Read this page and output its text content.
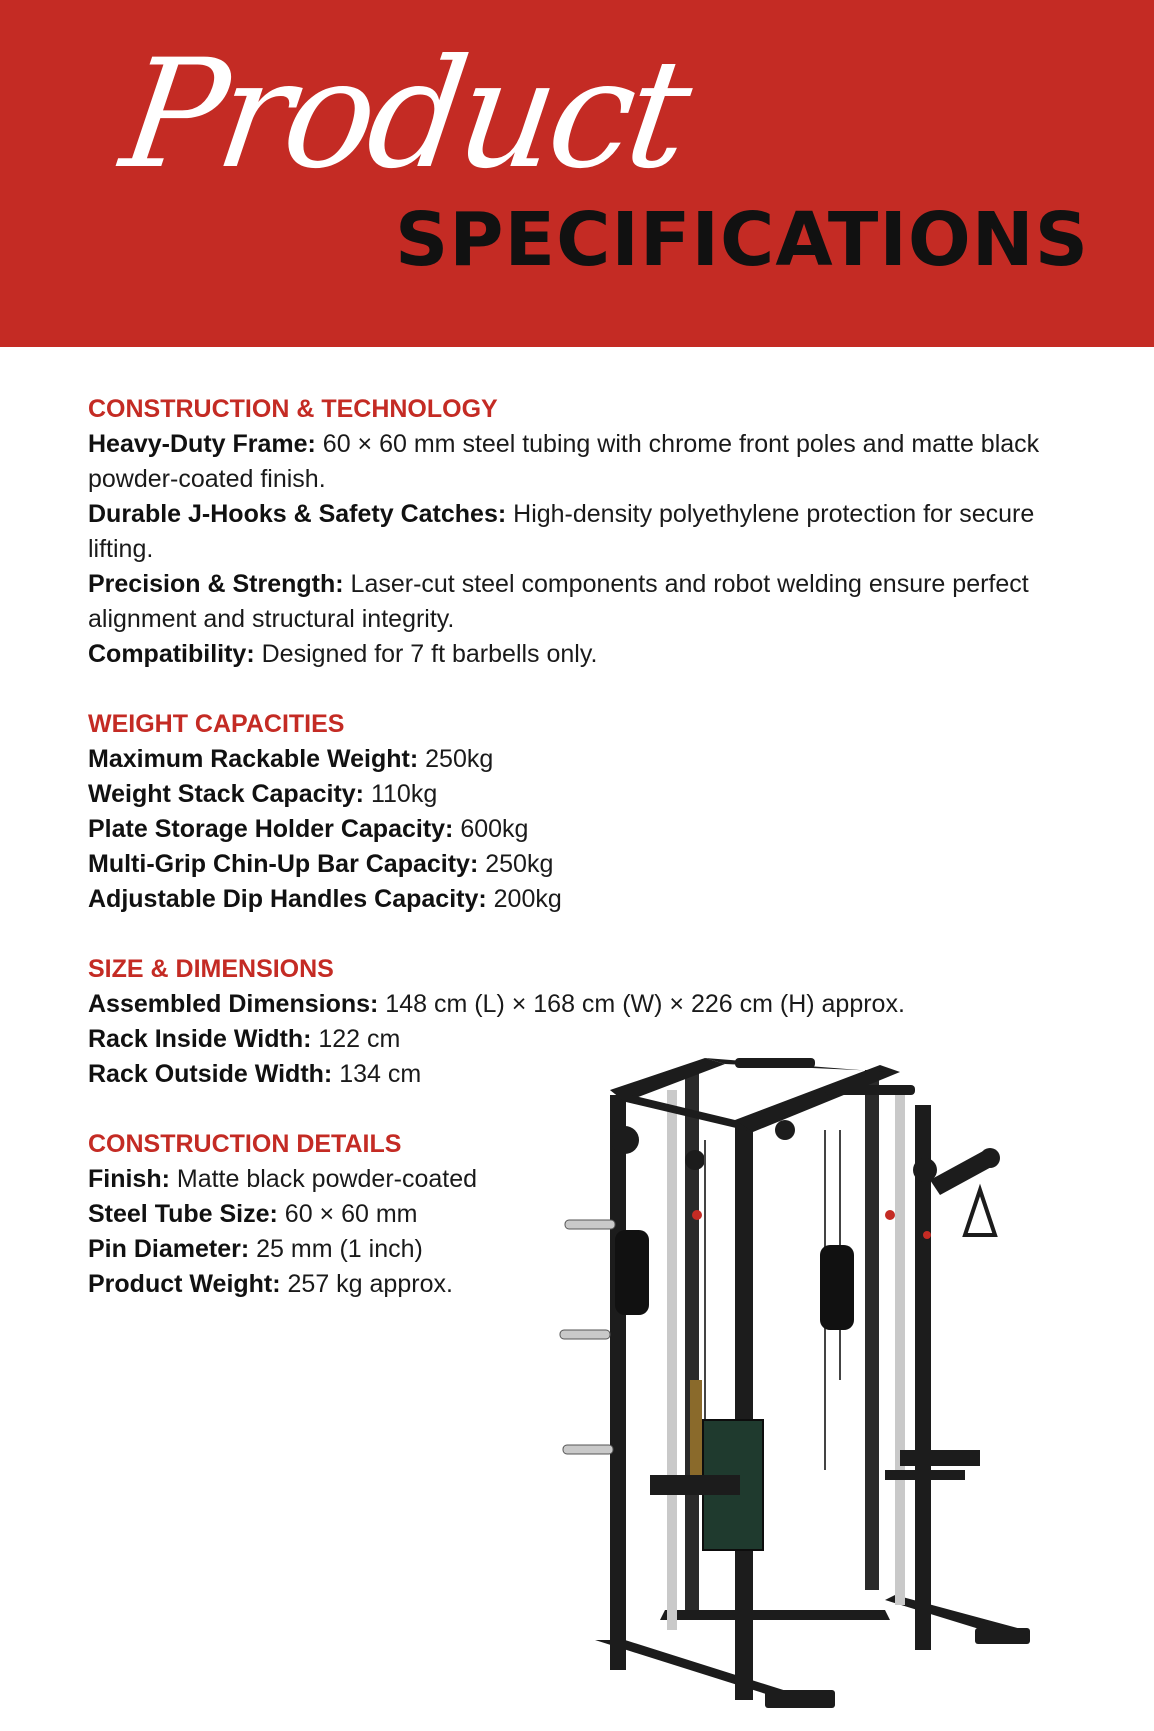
Product
SPECIFICATIONS
CONSTRUCTION & TECHNOLOGY

Heavy-Duty Frame: 60 × 60 mm steel tubing with chrome front poles and matte black powder-coated finish.

Durable J-Hooks & Safety Catches: High-density polyethylene protection for secure lifting.

Precision & Strength: Laser-cut steel components and robot welding ensure perfect alignment and structural integrity.

Compatibility: Designed for 7 ft barbells only.

WEIGHT CAPACITIES

Maximum Rackable Weight: 250kg

Weight Stack Capacity: 110kg

Plate Storage Holder Capacity: 600kg

Multi-Grip Chin-Up Bar Capacity: 250kg

Adjustable Dip Handles Capacity: 200kg

SIZE & DIMENSIONS

Assembled Dimensions: 148 cm (L) × 168 cm (W) × 226 cm (H) approx.

Rack Inside Width: 122 cm

Rack Outside Width: 134 cm

CONSTRUCTION DETAILS

Finish: Matte black powder-coated

Steel Tube Size: 60 × 60 mm

Pin Diameter: 25 mm (1 inch)

Product Weight: 257 kg approx.
